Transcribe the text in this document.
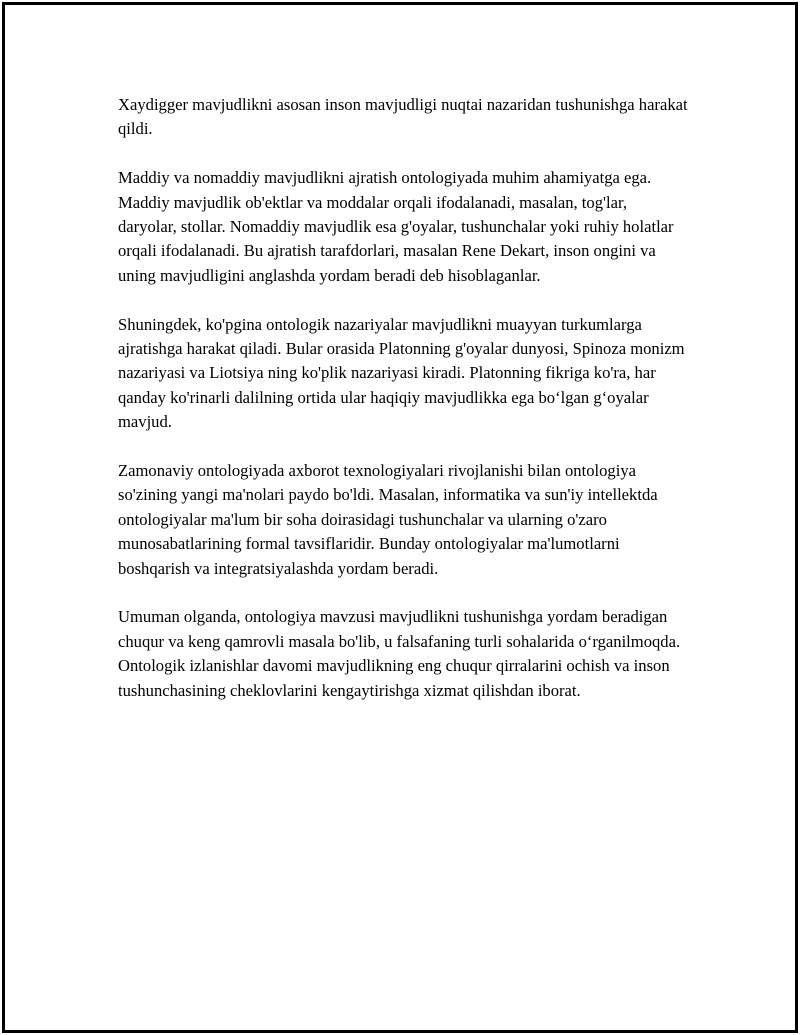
Xaydigger mavjudlikni asosan inson mavjudligi nuqtai nazaridan tushunishga harakat qildi.

Maddiy va nomaddiy mavjudlikni ajratish ontologiyada muhim ahamiyatga ega. Maddiy mavjudlik ob'ektlar va moddalar orqali ifodalanadi, masalan, tog'lar, daryolar, stollar. Nomaddiy mavjudlik esa g'oyalar, tushunchalar yoki ruhiy holatlar orqali ifodalanadi. Bu ajratish tarafdorlari, masalan Rene Dekart, inson ongini va uning mavjudligini anglashda yordam beradi deb hisoblaganlar.

Shuningdek, ko'pgina ontologik nazariyalar mavjudlikni muayyan turkumlarga ajratishga harakat qiladi. Bular orasida Platonning g'oyalar dunyosi, Spinoza monizm nazariyasi va Liotsiya ning ko'plik nazariyasi kiradi. Platonning fikriga ko'ra, har qanday ko'rinarli dalilning ortida ular haqiqiy mavjudlikka ega bo‘lgan g‘oyalar mavjud.

Zamonaviy ontologiyada axborot texnologiyalari rivojlanishi bilan ontologiya so'zining yangi ma'nolari paydo bo'ldi. Masalan, informatika va sun'iy intellektda ontologiyalar ma'lum bir soha doirasidagi tushunchalar va ularning o'zaro munosabatlarining formal tavsiflaridir. Bunday ontologiyalar ma'lumotlarni boshqarish va integratsiyalashda yordam beradi.

Umuman olganda, ontologiya mavzusi mavjudlikni tushunishga yordam beradigan chuqur va keng qamrovli masala bo'lib, u falsafaning turli sohalarida o‘rganilmoqda. Ontologik izlanishlar davomi mavjudlikning eng chuqur qirralarini ochish va inson tushunchasining cheklovlarini kengaytirishga xizmat qilishdan iborat.
